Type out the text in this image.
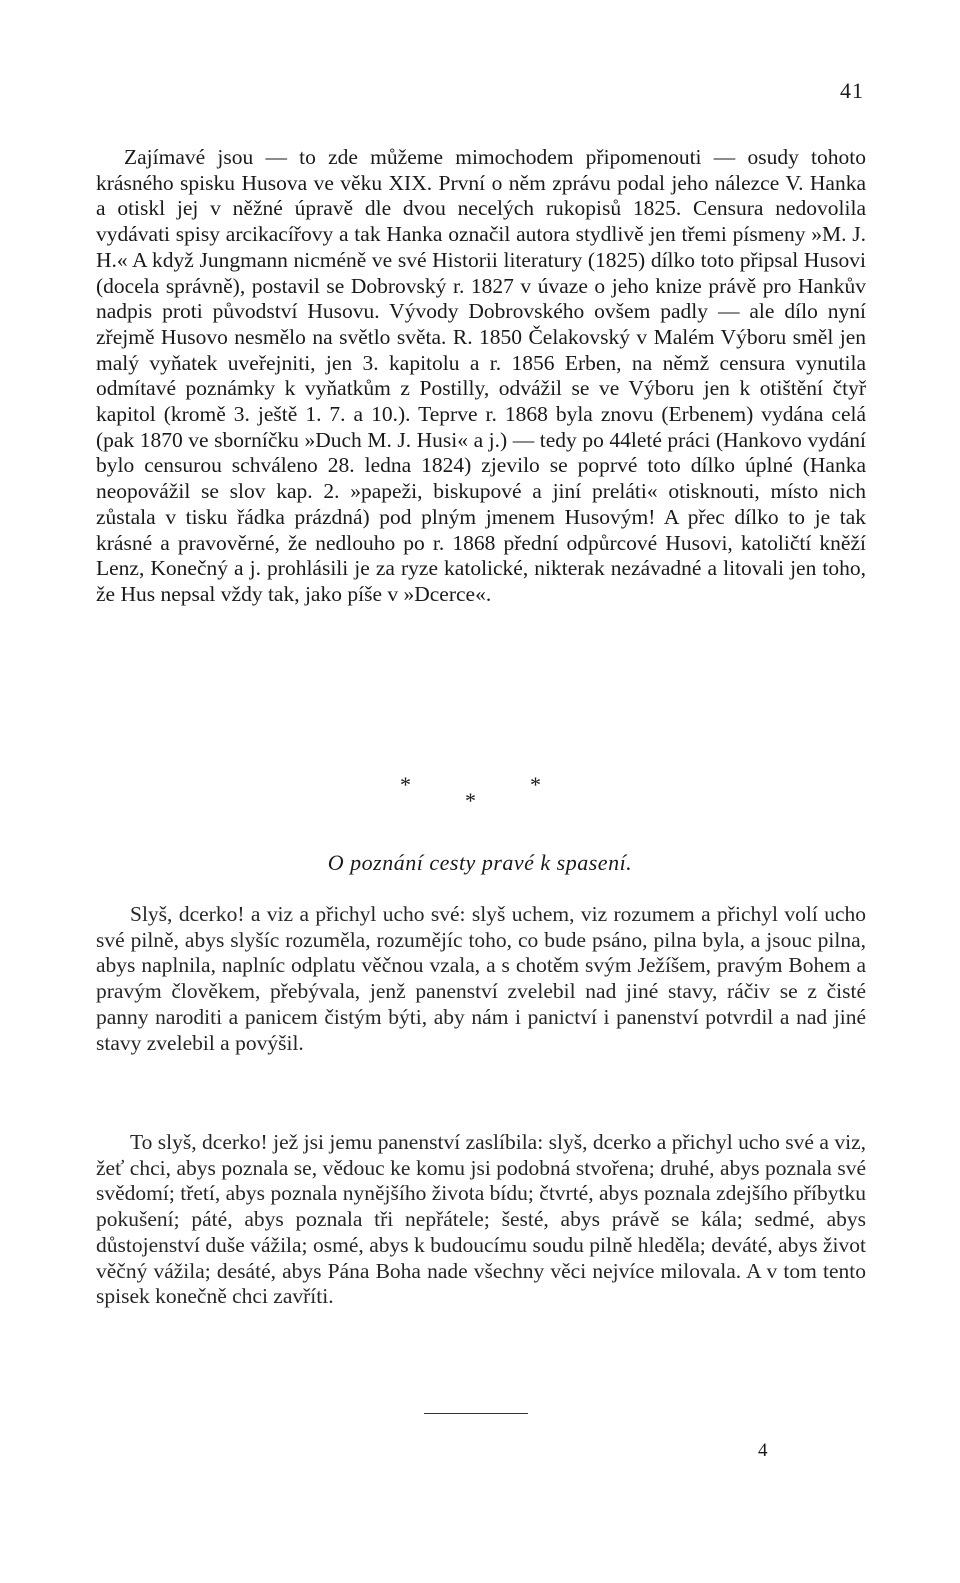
41

Zajímavé jsou — to zde můžeme mimochodem připomenouti — osudy tohoto krásného spisku Husova ve věku XIX. První o něm zprávu podal jeho nálezce V. Hanka a otiskl jej v něžné úpravě dle dvou necelých rukopisů 1825. Censura nedovolila vydávati spisy arcikacířovy a tak Hanka označil autora stydlivě jen třemi písmeny »M. J. H.« A když Jungmann nicméně ve své Historii literatury (1825) dílko toto připsal Husovi (docela správně), postavil se Dobrovský r. 1827 v úvaze o jeho knize právě pro Hankův nadpis proti původství Husovu. Vývody Dobrovského ovšem padly — ale dílo nyní zřejmě Husovo nesmělo na světlo světa. R. 1850 Čelakovský v Malém Výboru směl jen malý vyňatek uveřejniti, jen 3. kapitolu a r. 1856 Erben, na němž censura vynutila odmítavé poznámky k vyňatkům z Postilly, odvážil se ve Výboru jen k otištění čtyř kapitol (kromě 3. ještě 1. 7. a 10.). Teprve r. 1868 byla znovu (Erbenem) vydána celá (pak 1870 ve sborníčku »Duch M. J. Husi« a j.) — tedy po 44leté práci (Hankovo vydání bylo censurou schváleno 28. ledna 1824) zjevilo se poprvé toto dílko úplné (Hanka neopovážil se slov kap. 2. »papeži, biskupové a jiní preláti« otisknouti, místo nich zůstala v tisku řádka prázdná) pod plným jmenem Husovým! A přec dílko to je tak krásné a pravověrné, že nedlouho po r. 1868 přední odpůrcové Husovi, katoličtí kněží Lenz, Konečný a j. prohlásili je za ryze katolické, nikterak nezávadné a litovali jen toho, že Hus nepsal vždy tak, jako píše v »Dcerce«.

*	*
*
O poznání cesty pravé k spasení.

Slyš, dcerko! a viz a přichyl ucho své: slyš uchem, viz rozumem a přichyl volí ucho své pilně, abys slyšíc rozuměla, rozumějíc toho, co bude psáno, pilna byla, a jsouc pilna, abys naplnila, naplníc odplatu věčnou vzala, a s chotěm svým Ježíšem, pravým Bohem a pravým člověkem, přebývala, jenž panenství zvelebil nad jiné stavy, ráčiv se z čisté panny naroditi a panicem čistým býti, aby nám i panictví i panenství potvrdil a nad jiné stavy zvelebil a povýšil.

To slyš, dcerko! jež jsi jemu panenství zaslíbila: slyš, dcerko a přichyl ucho své a viz, žeť chci, abys poznala se, vědouc ke komu jsi podobná stvořena; druhé, abys poznala své svědomí; třetí, abys poznala nynějšího života bídu; čtvrté, abys poznala zdejšího příbytku pokušení; páté, abys poznala tři nepřátele; šesté, abys právě se kála; sedmé, abys důstojenství duše vážila; osmé, abys k budoucímu soudu pilně hleděla; deváté, abys život věčný vážila; desáté, abys Pána Boha nade všechny věci nejvíce milovala. A v tom tento spisek konečně chci zavříti.

4
